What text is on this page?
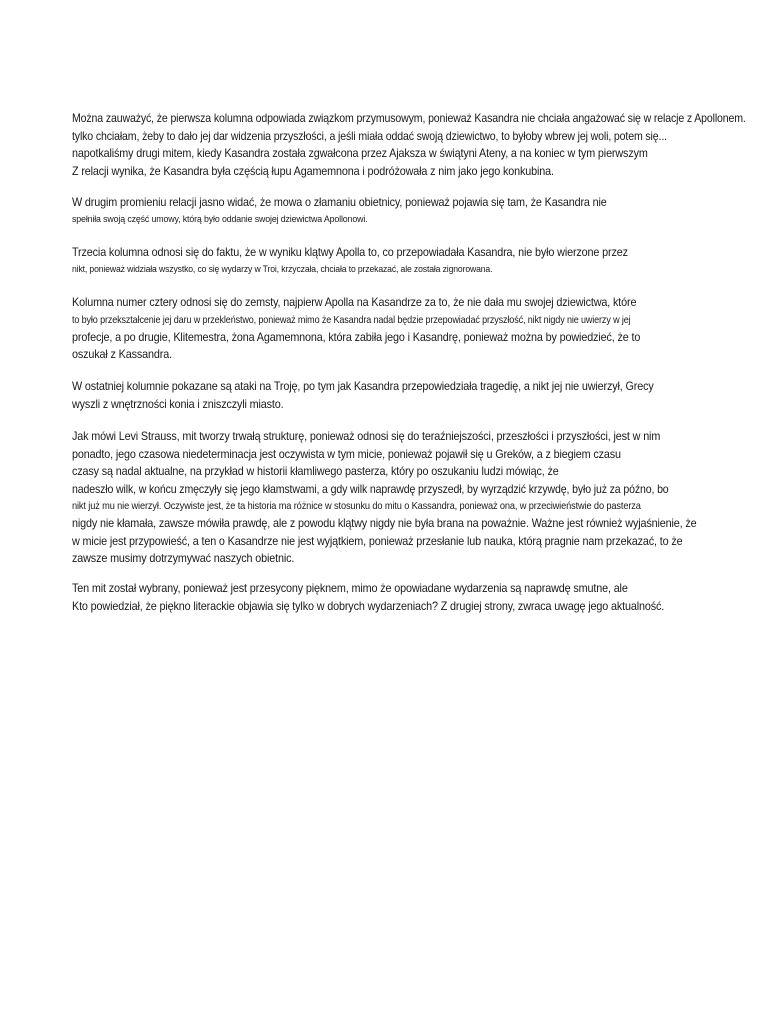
Można zauważyć, że pierwsza kolumna odpowiada związkom przymusowym, ponieważ Kasandra nie chciała angażować się w relacje z Apollonem.
tylko chciałam, żeby to dało jej dar widzenia przyszłości, a jeśli miała oddać swoją dziewictwo, to byłoby wbrew jej woli, potem się...
napotkaliśmy drugi mitem, kiedy Kasandra została zgwałcona przez Ajaksza w świątyni Ateny, a na koniec w tym pierwszym
Z relacji wynika, że Kasandra była częścią łupu Agamemnona i podróżowała z nim jako jego konkubina.
W drugim promieniu relacji jasno widać, że mowa o złamaniu obietnicy, ponieważ pojawia się tam, że Kasandra nie
spełniła swoją część umowy, którą było oddanie swojej dziewictwa Apollonowi.
Trzecia kolumna odnosi się do faktu, że w wyniku klątwy Apolla to, co przepowiadała Kasandra, nie było wierzone przez
nikt, ponieważ widziała wszystko, co się wydarzy w Troi, krzyczała, chciała to przekazać, ale została zignorowana.
Kolumna numer cztery odnosi się do zemsty, najpierw Apolla na Kasandrze za to, że nie dała mu swojej dziewictwa, które
to było przekształcenie jej daru w przekleństwo, ponieważ mimo że Kasandra nadal będzie przepowiadać przyszłość, nikt nigdy nie uwierzy w jej
profecje, a po drugie, Klitemestra, żona Agamemnona, która zabiła jego i Kasandrę, ponieważ można by powiedzieć, że to
oszukał z Kassandra.
W ostatniej kolumnie pokazane są ataki na Troję, po tym jak Kasandra przepowiedziała tragedię, a nikt jej nie uwierzył, Grecy
wyszli z wnętrzności konia i zniszczyli miasto.
Jak mówi Levi Strauss, mit tworzy trwałą strukturę, ponieważ odnosi się do teraźniejszości, przeszłości i przyszłości, jest w nim
ponadto, jego czasowa niedeterminacja jest oczywista w tym micie, ponieważ pojawił się u Greków, a z biegiem czasu
czasy są nadal aktualne, na przykład w historii kłamliwego pasterza, który po oszukaniu ludzi mówiąc, że
nadeszło wilk, w końcu zmęczyły się jego kłamstwami, a gdy wilk naprawdę przyszedł, by wyrządzić krzywdę, było już za późno, bo
nikt już mu nie wierzył. Oczywiste jest, że ta historia ma różnice w stosunku do mitu o Kassandra, ponieważ ona, w przeciwieństwie do pasterza
nigdy nie kłamała, zawsze mówiła prawdę, ale z powodu klątwy nigdy nie była brana na poważnie. Ważne jest również wyjaśnienie, że
w micie jest przypowieść, a ten o Kasandrze nie jest wyjątkiem, ponieważ przesłanie lub nauka, którą pragnie nam przekazać, to że
zawsze musimy dotrzymywać naszych obietnic.
Ten mit został wybrany, ponieważ jest przesycony pięknem, mimo że opowiadane wydarzenia są naprawdę smutne, ale
Kto powiedział, że piękno literackie objawia się tylko w dobrych wydarzeniach? Z drugiej strony, zwraca uwagę jego aktualność.
